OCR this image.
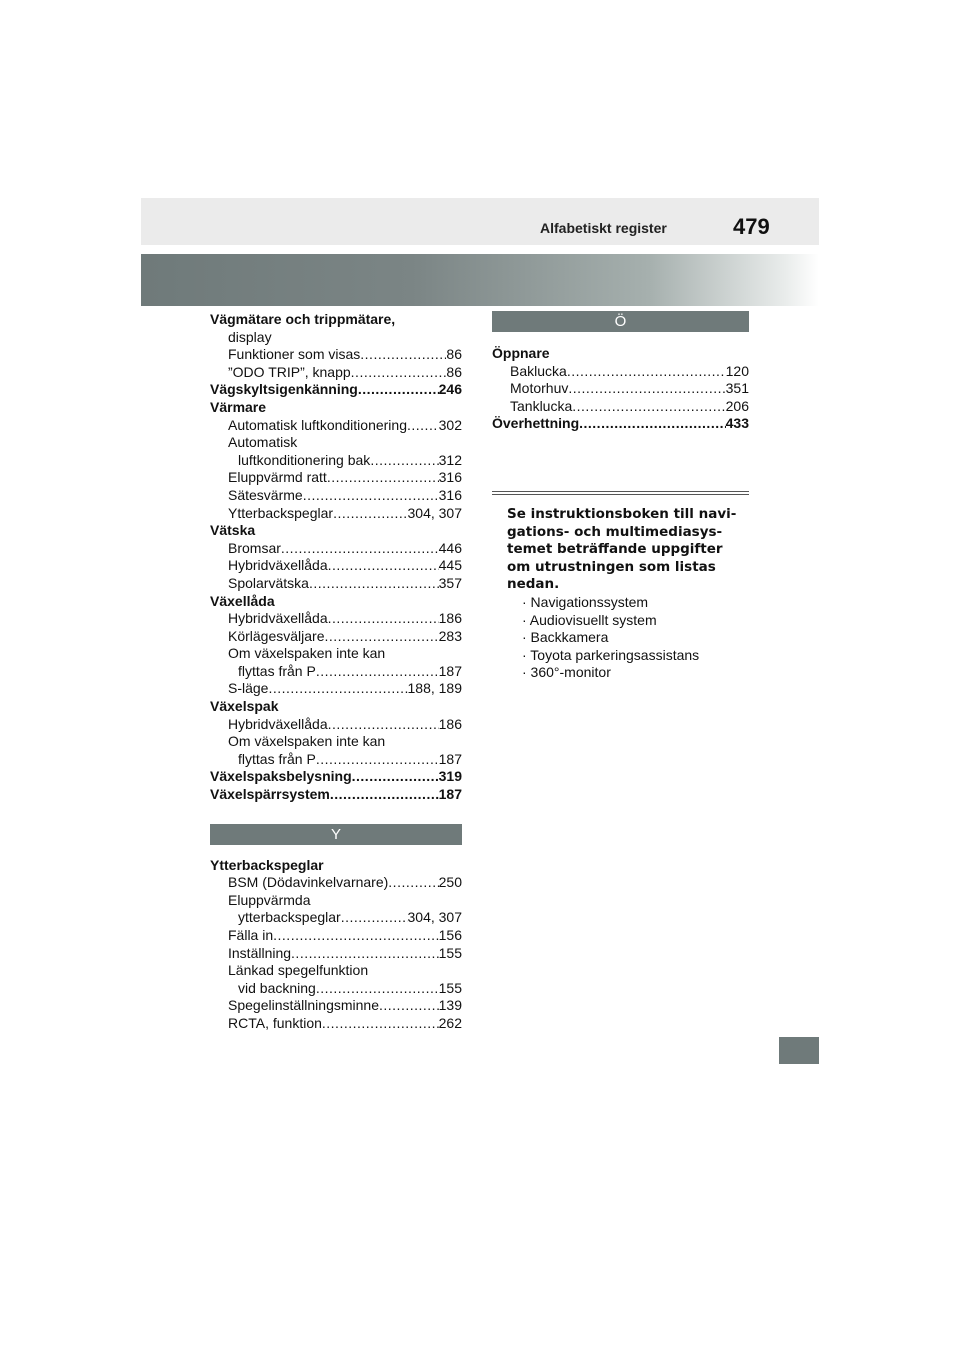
Alfabetiskt register	479
Vägmätare och trippmätare,
display
Funktioner som visas .....	86
”ODO TRIP”, knapp .....	86
Vägskyltsigenkänning .....	246
Värmare
Automatisk luftkonditionering ..... 302
Automatisk
luftkonditionering bak .....	312
Eluppvärmd ratt .....	316
Sätesvärme .....	316
Ytterbackspeglar .....	304, 307
Vätska
Bromsar .....	446
Hybridväxellåda .....	445
Spolarvätska .....	357
Växellåda
Hybridväxellåda .....	186
Körlägesväljare .....	283
Om växelspaken inte kan
flyttas från P .....	187
S-läge .....	188, 189
Växelspak
Hybridväxellåda .....	186
Om växelspaken inte kan
flyttas från P .....	187
Växelspaksbelysning .....	319
Växelspärrsystem .....	187
Y
Ytterbackspeglar
BSM (Dödavinkelvarnare) .....	250
Eluppvärmda
ytterbackspeglar .....	304, 307
Fälla in .....	156
Inställning .....	155
Länkad spegelfunktion
vid backning .....	155
Spegelinställningsminne .....	139
RCTA, funktion .....	262
Ö
Öppnare
Baklucka .....	120
Motorhuv .....	351
Tanklucka .....	206
Överhettning .....	433
Se instruktionsboken till navi-
gations- och multimediasys-
temet beträffande uppgifter
om utrustningen som listas
nedan.
· Navigationssystem
· Audiovisuellt system
· Backkamera
· Toyota parkeringsassistans
· 360°-monitor
